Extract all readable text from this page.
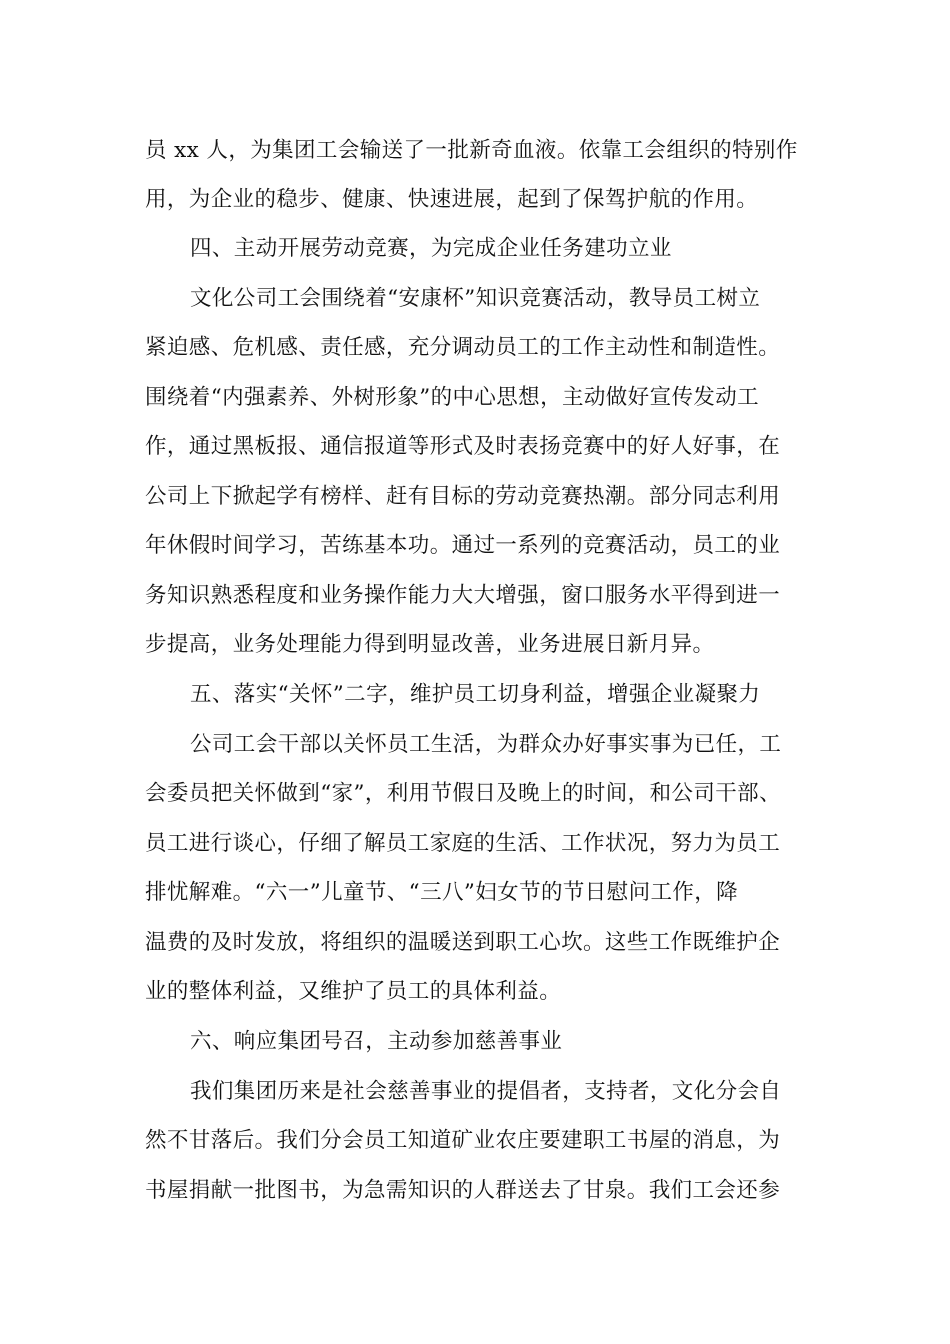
员 xx 人，为集团工会输送了一批新奇血液。依靠工会组织的特别作

用，为企业的稳步、健康、快速进展，起到了保驾护航的作用。

四、主动开展劳动竞赛，为完成企业任务建功立业

文化公司工会围绕着“安康杯”知识竞赛活动，教导员工树立

紧迫感、危机感、责任感，充分调动员工的工作主动性和制造性。

围绕着“内强素养、外树形象”的中心思想，主动做好宣传发动工

作，通过黑板报、通信报道等形式及时表扬竞赛中的好人好事，在

公司上下掀起学有榜样、赶有目标的劳动竞赛热潮。部分同志利用

年休假时间学习，苦练基本功。通过一系列的竞赛活动，员工的业

务知识熟悉程度和业务操作能力大大增强，窗口服务水平得到进一

步提高，业务处理能力得到明显改善，业务进展日新月异。

五、落实“关怀”二字，维护员工切身利益，增强企业凝聚力

公司工会干部以关怀员工生活，为群众办好事实事为已任，工

会委员把关怀做到“家”，利用节假日及晚上的时间，和公司干部、

员工进行谈心，仔细了解员工家庭的生活、工作状况，努力为员工

排忧解难。“六一”儿童节、“三八”妇女节的节日慰问工作，降

温费的及时发放，将组织的温暖送到职工心坎。这些工作既维护企

业的整体利益，又维护了员工的具体利益。

六、响应集团号召，主动参加慈善事业

我们集团历来是社会慈善事业的提倡者，支持者，文化分会自

然不甘落后。我们分会员工知道矿业农庄要建职工书屋的消息，为

书屋捐献一批图书，为急需知识的人群送去了甘泉。我们工会还参
